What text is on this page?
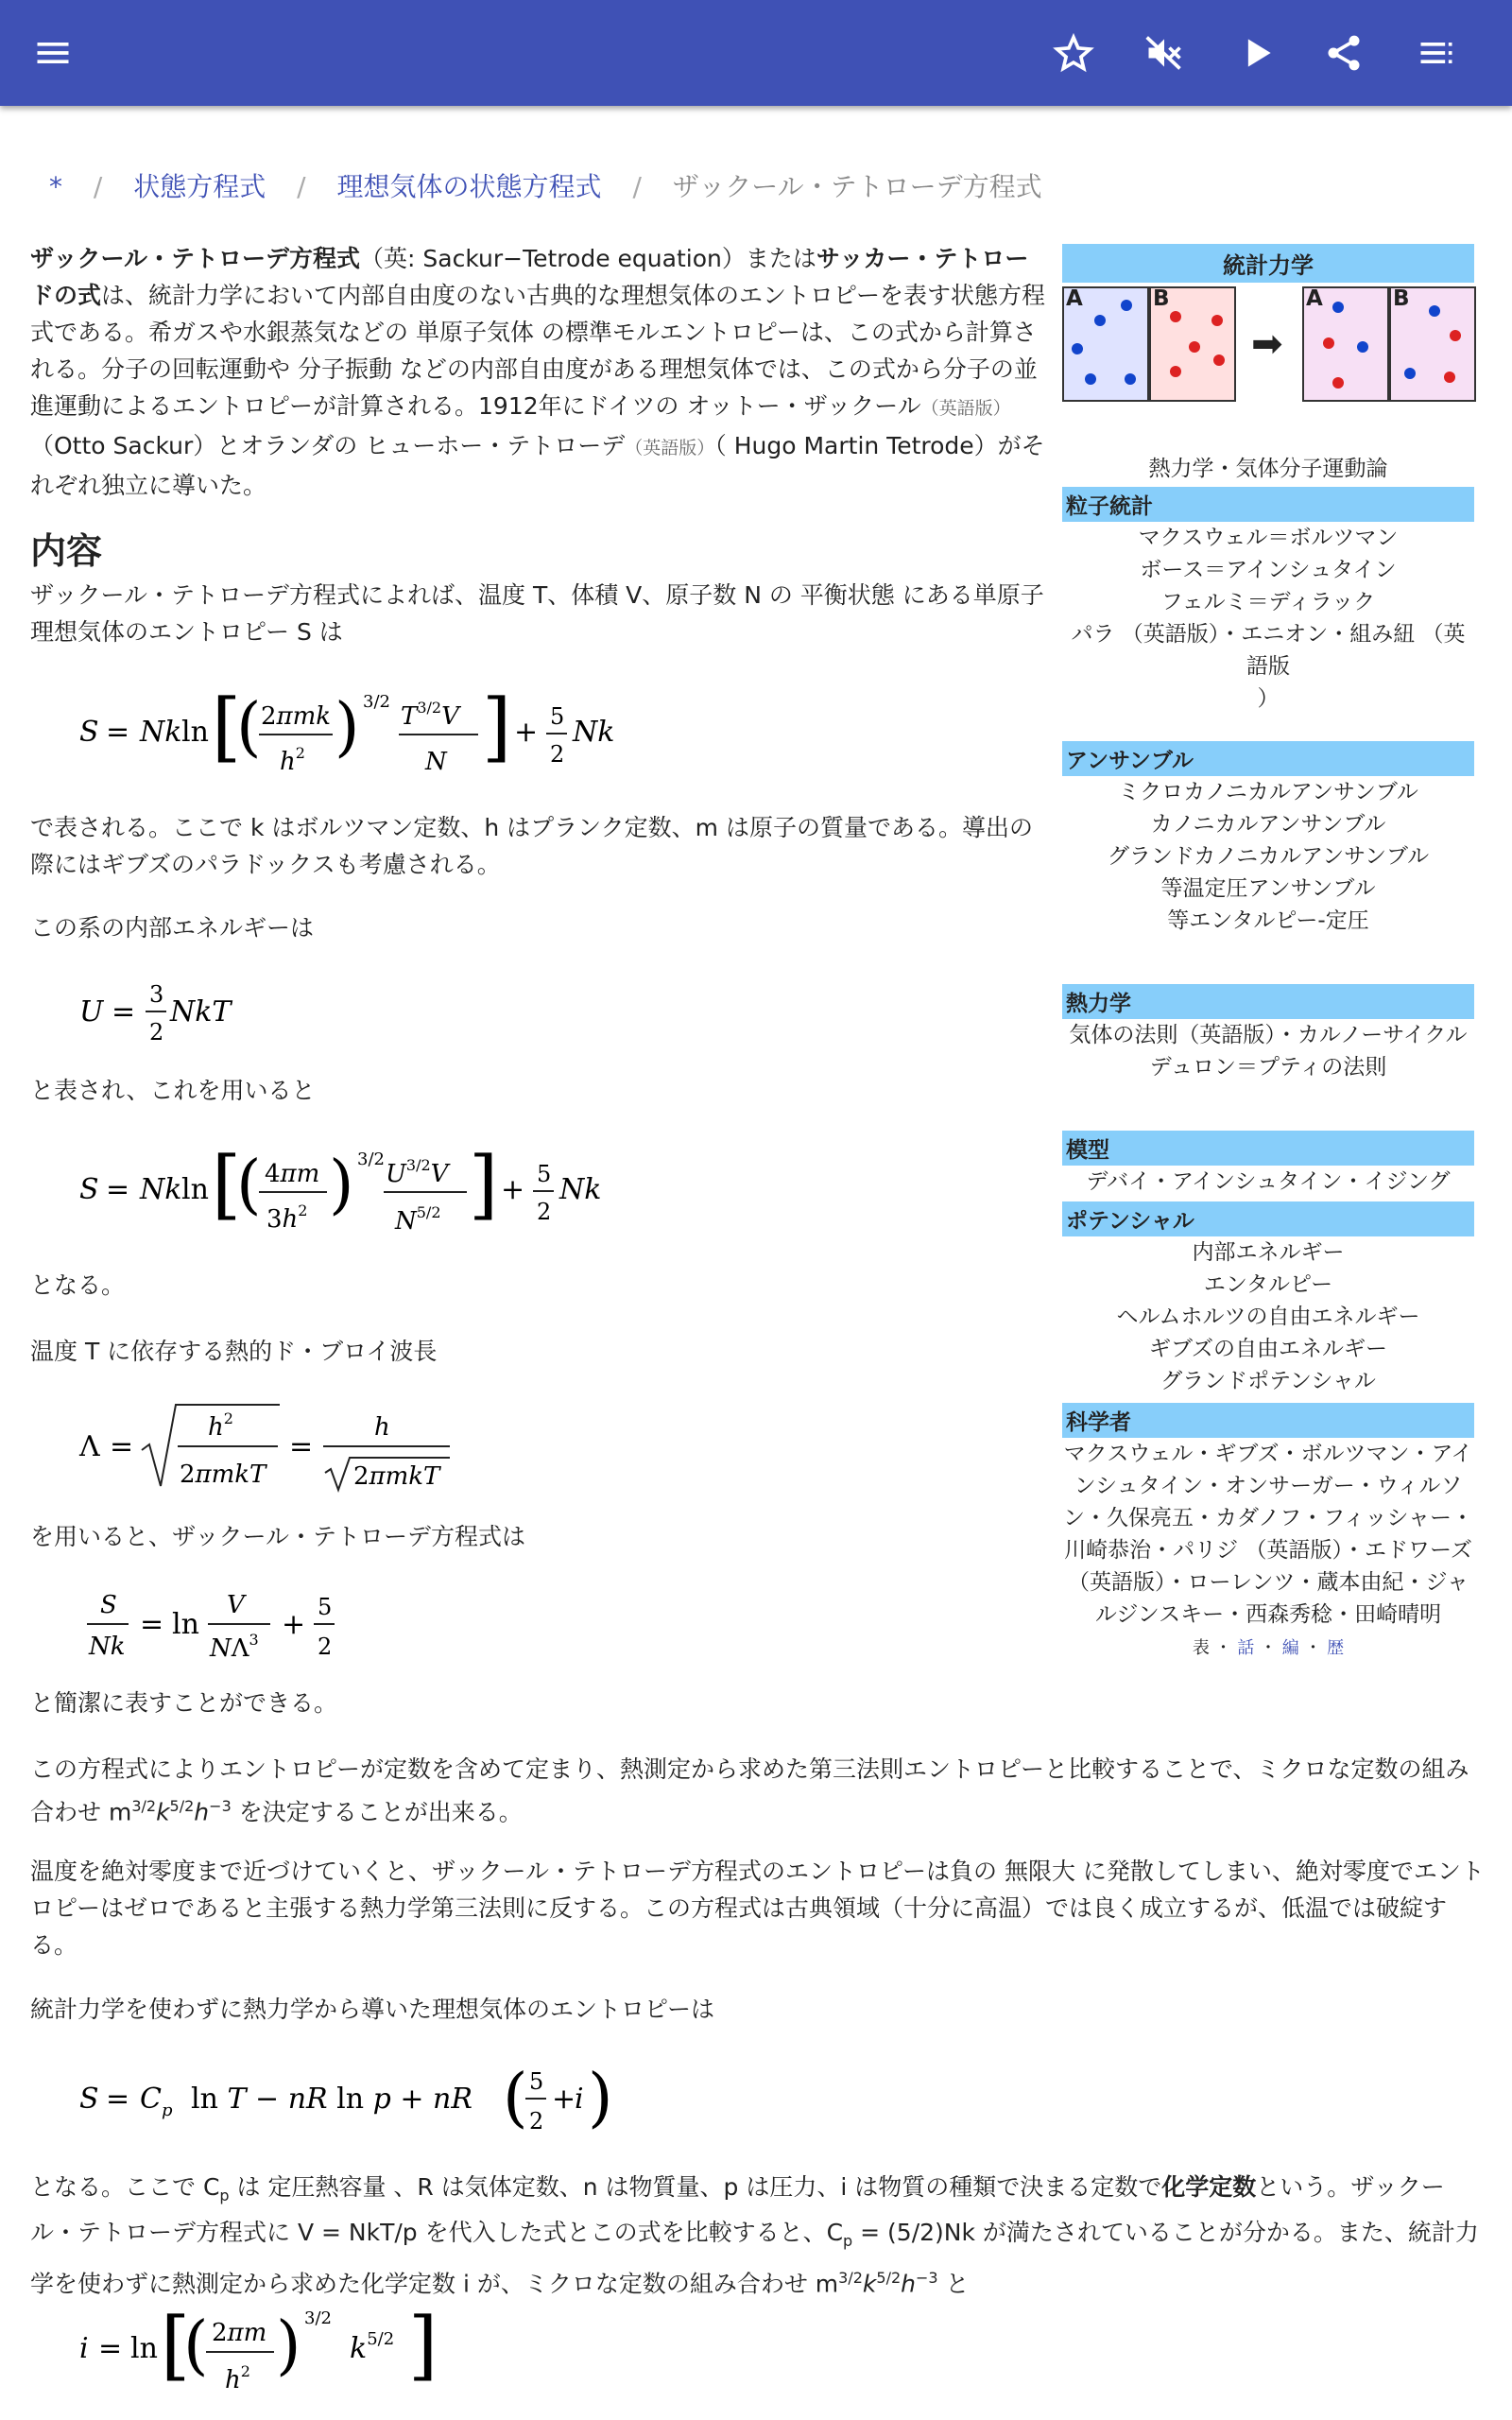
* / 状態方程式 / 理想気体の状態方程式 / ザックール・テトローデ方程式
ザックール・テトローデ方程式（英: Sackur−Tetrode equation）またはサッカー・テトロードの式は、統計力学において内部自由度のない古典的な理想気体のエントロピーを表す状態方程式である。希ガスや水銀蒸気などの 単原子気体 の標準モルエントロピーは、この式から計算される。分子の回転運動や 分子振動 などの内部自由度がある理想気体では、この式から分子の並進運動によるエントロピーが計算される。1912年にドイツの オットー・ザックール（英語版）（Otto Sackur）とオランダの ヒューホー・テトローデ（英語版）（ Hugo Martin Tetrode）がそれぞれ独立に導いた。
内容
ザックール・テトローデ方程式によれば、温度 T、体積 V、原子数 N の 平衡状態 にある単原子理想気体のエントロピー S は
S = Nk ln [
( 2πmk
$h^2$ ) 3/2
$T^{3/2}V$
N ] + 5
2
Nk
で表される。ここで k はボルツマン定数、h はプランク定数、m は原子の質量である。導出の際にはギブズのパラドックスも考慮される。
この系の内部エネルギーは
U =
3
2
NkT
と表され、これを用いると
S = Nk ln [
( 4πm
$3h^2$ ) 3/2
$U^{3/2}V$
$N^{5/2}$ ] + 5
2
Nk
となる。
温度 T に依存する熱的ド・ブロイ波長
Λ =
$h^2$
2πmkT
=
h
2πmkT
を用いると、ザックール・テトローデ方程式は
S
Nk
= ln
V
$N\Lambda^3$ +
5
2
と簡潔に表すことができる。
この方程式によりエントロピーが定数を含めて定まり、熱測定から求めた第三法則エントロピーと比較することで、ミクロな定数の組み合わせ $m^{3/2}k^{5/2}h^{-3}$ を決定することが出来る。
温度を絶対零度まで近づけていくと、ザックール・テトローデ方程式のエントロピーは負の 無限大 に発散してしまい、絶対零度でエントロピーはゼロであると主張する熱力学第三法則に反する。この方程式は古典領域（十分に高温）では良く成立するが、低温では破綻する。
統計力学を使わずに熱力学から導いた理想気体のエントロピーは
$S = C_p$ ln T − nR ln p + nR ( 5
2
+
i )
となる。ここで $C_p$ は 定圧熱容量 、R は気体定数、n は物質量、p は圧力、i は物質の種類で決まる定数で化学定数という。ザックール・テトローデ方程式に V = NkT/p を代入した式とこの式を比較すると、$C_p = (5/2)Nk$ が満たされていることが分かる。また、統計力学を使わずに熱測定から求めた化学定数 i が、ミクロな定数の組み合わせ $m^{3/2}k^{5/2}h^{-3}$ と
i = ln [
( 2πm
$h^2$ ) 3/2
$k^{5/2}$ ]
統計力学
A	B
➡
A	B
熱力学・気体分子運動論
粒子統計
マクスウェル＝ボルツマン
ボース＝アインシュタイン
フェルミ＝ディラック
パラ （英語版）・エニオン・組み紐 （英語版
）
アンサンブル
ミクロカノニカルアンサンブル
カノニカルアンサンブル
グランドカノニカルアンサンブル
等温定圧アンサンブル
等エンタルピー-定圧
熱力学
気体の法則（英語版）・カルノーサイクル
デュロン＝プティの法則
模型
デバイ・アインシュタイン・イジング
ポテンシャル
内部エネルギー
エンタルピー
ヘルムホルツの自由エネルギー
ギブズの自由エネルギー
グランドポテンシャル
科学者
マクスウェル・ギブズ・ボルツマン・アイ
ンシュタイン・オンサーガー・ウィルソ
ン・久保亮五・カダノフ・フィッシャー・
川崎恭治・パリジ （英語版）・エドワーズ
（英語版）・ローレンツ・蔵本由紀・ジャ
ルジンスキー・西森秀稔・田崎晴明
表 ・ 話 ・ 編 ・ 歴
